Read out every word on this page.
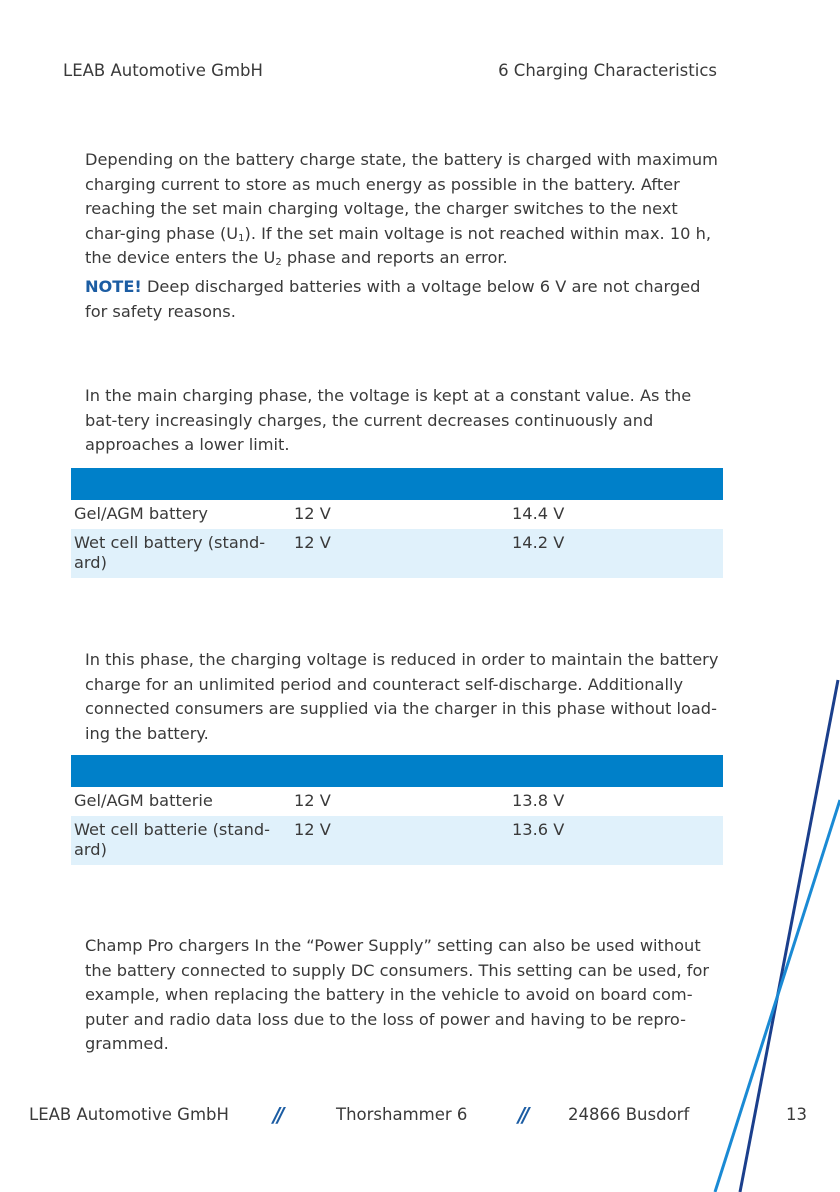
LEAB Automotive GmbH	6 Charging Characteristics

Depending on the battery charge state, the battery is charged with maximum charging current to store as much energy as possible in the battery. After reaching the set main charging voltage, the charger switches to the next char-ging phase $(U_1)$. If the set main voltage is not reached within max. 10 h, the device enters the $U_2$ phase and reports an error.

NOTE! Deep discharged batteries with a voltage below 6 V are not charged for safety reasons.

In the main charging phase, the voltage is kept at a constant value. As the bat-tery increasingly charges, the current decreases continuously and approaches a lower limit.

Gel/AGM battery	12 V	14.4 V
Wet cell battery (stand-ard)	12 V	14.2 V

In this phase, the charging voltage is reduced in order to maintain the battery charge for an unlimited period and counteract self-discharge. Additionally connected consumers are supplied via the charger in this phase without load-ing the battery.

Gel/AGM batterie	12 V	13.8 V
Wet cell batterie (stand-ard)	12 V	13.6 V

Champ Pro chargers In the “Power Supply” setting can also be used without the battery connected to supply DC consumers. This setting can be used, for example, when replacing the battery in the vehicle to avoid on board com-puter and radio data loss due to the loss of power and having to be repro-grammed.

LEAB Automotive GmbH //	Thorshammer 6	//	24866 Busdorf	13
